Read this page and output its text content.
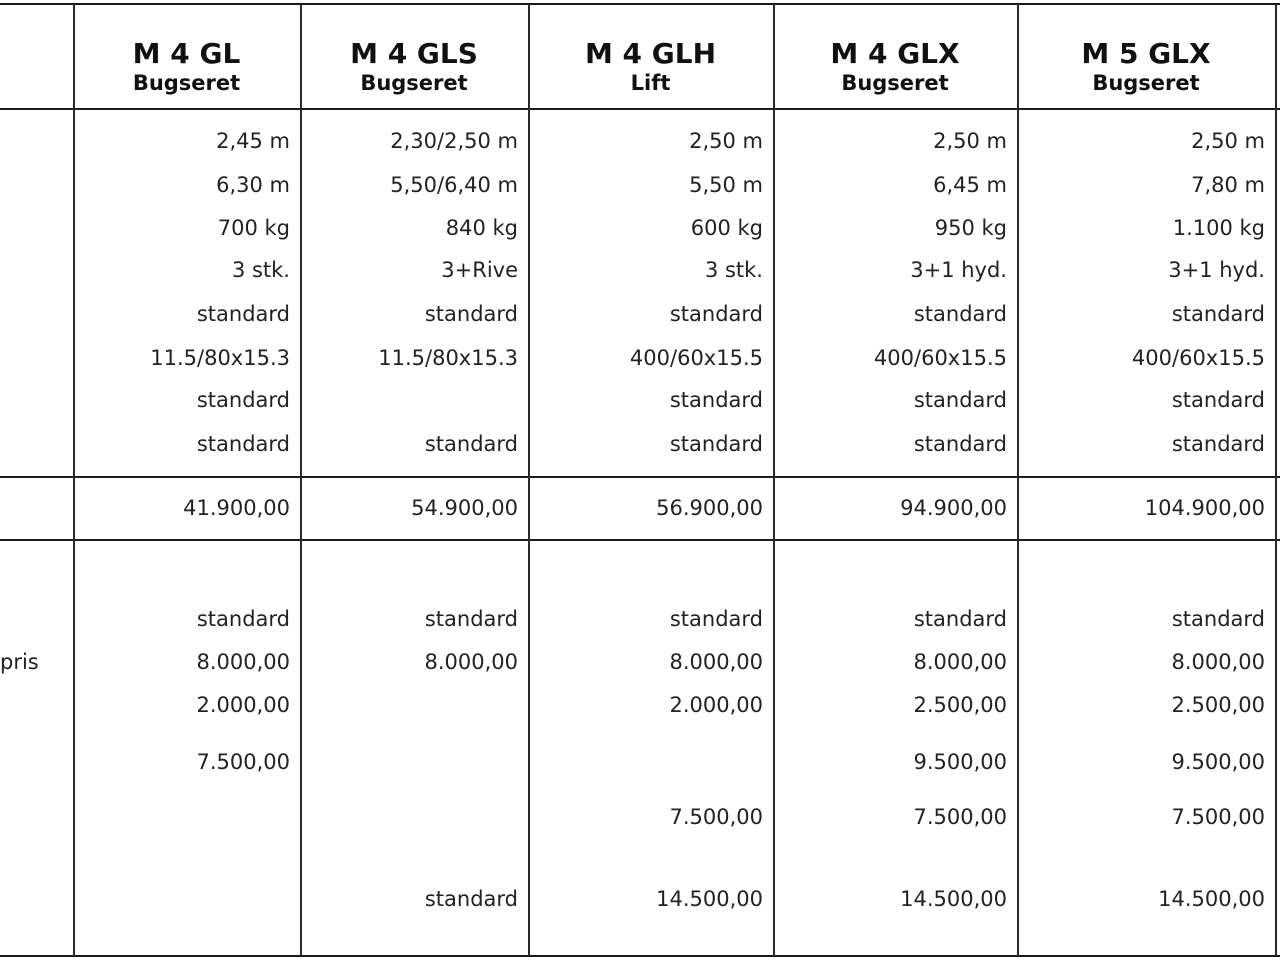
pris
M 4 GL
Bugseret
2,45 m
6,30 m
700 kg
3 stk.
standard
11.5/80x15.3
standard
standard
41.900,00
standard
8.000,00
2.000,00
7.500,00
M 4 GLS
Bugseret
2,30/2,50 m
5,50/6,40 m
840 kg
3+Rive
standard
11.5/80x15.3
standard
54.900,00
standard
8.000,00
standard
M 4 GLH
Lift
2,50 m
5,50 m
600 kg
3 stk.
standard
400/60x15.5
standard
standard
56.900,00
standard
8.000,00
2.000,00
7.500,00
14.500,00
M 4 GLX
Bugseret
2,50 m
6,45 m
950 kg
3+1 hyd.
standard
400/60x15.5
standard
standard
94.900,00
standard
8.000,00
2.500,00
9.500,00
7.500,00
14.500,00
M 5 GLX
Bugseret
2,50 m
7,80 m
1.100 kg
3+1 hyd.
standard
400/60x15.5
standard
standard
104.900,00
standard
8.000,00
2.500,00
9.500,00
7.500,00
14.500,00
